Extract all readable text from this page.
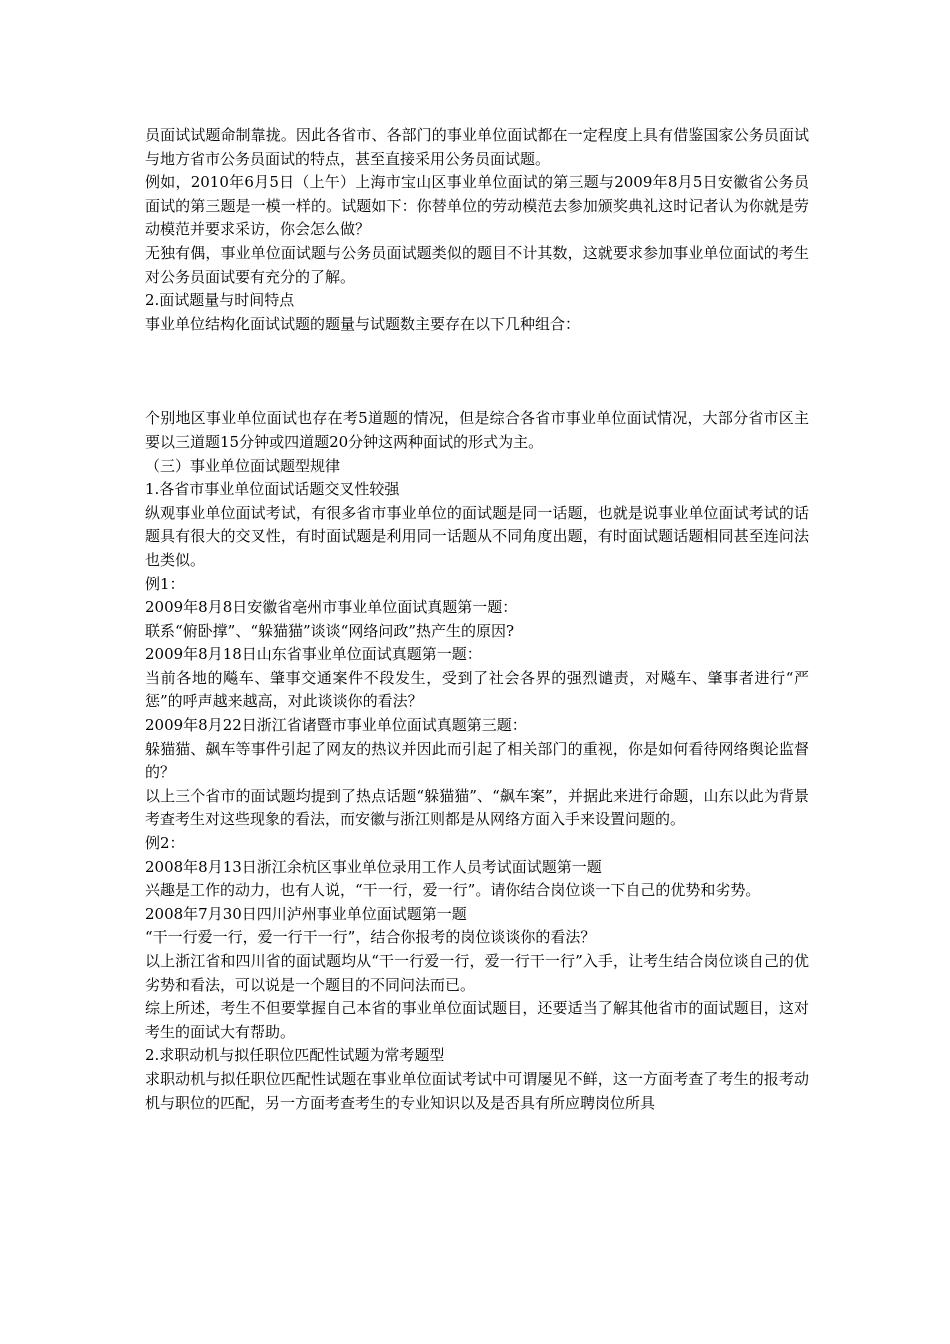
员面试试题命制靠拢。因此各省市、各部门的事业单位面试都在一定程度上具有借鉴国家公务员面试与地方省市公务员面试的特点，甚至直接采用公务员面试题。

例如，2010年6月5日（上午）上海市宝山区事业单位面试的第三题与2009年8月5日安徽省公务员面试的第三题是一模一样的。试题如下：你替单位的劳动模范去参加颁奖典礼这时记者认为你就是劳动模范并要求采访，你会怎么做？

无独有偶，事业单位面试题与公务员面试题类似的题目不计其数，这就要求参加事业单位面试的考生对公务员面试要有充分的了解。

2.面试题量与时间特点

事业单位结构化面试试题的题量与试题数主要存在以下几种组合：

个别地区事业单位面试也存在考5道题的情况，但是综合各省市事业单位面试情况，大部分省市区主要以三道题15分钟或四道题20分钟这两种面试的形式为主。

（三）事业单位面试题型规律

1.各省市事业单位面试话题交叉性较强

纵观事业单位面试考试，有很多省市事业单位的面试题是同一话题，也就是说事业单位面试考试的话题具有很大的交叉性，有时面试题是利用同一话题从不同角度出题，有时面试题话题相同甚至连问法也类似。

例1：

2009年8月8日安徽省亳州市事业单位面试真题第一题：

联系“俯卧撑”、“躲猫猫”谈谈“网络问政”热产生的原因?

2009年8月18日山东省事业单位面试真题第一题：

当前各地的飚车、肇事交通案件不段发生，受到了社会各界的强烈谴责，对飚车、肇事者进行“严惩”的呼声越来越高，对此谈谈你的看法？

2009年8月22日浙江省诸暨市事业单位面试真题第三题：

躲猫猫、飙车等事件引起了网友的热议并因此而引起了相关部门的重视，你是如何看待网络舆论监督的？

以上三个省市的面试题均提到了热点话题“躲猫猫”、“飙车案”，并据此来进行命题，山东以此为背景考查考生对这些现象的看法，而安徽与浙江则都是从网络方面入手来设置问题的。

例2：

2008年8月13日浙江余杭区事业单位录用工作人员考试面试题第一题

兴趣是工作的动力，也有人说，“干一行，爱一行”。请你结合岗位谈一下自己的优势和劣势。

2008年7月30日四川泸州事业单位面试题第一题

“干一行爱一行，爱一行干一行”，结合你报考的岗位谈谈你的看法？

以上浙江省和四川省的面试题均从“干一行爱一行，爱一行干一行”入手，让考生结合岗位谈自己的优劣势和看法，可以说是一个题目的不同问法而已。

综上所述，考生不但要掌握自己本省的事业单位面试题目，还要适当了解其他省市的面试题目，这对考生的面试大有帮助。

2.求职动机与拟任职位匹配性试题为常考题型

求职动机与拟任职位匹配性试题在事业单位面试考试中可谓屡见不鲜，这一方面考查了考生的报考动机与职位的匹配，另一方面考查考生的专业知识以及是否具有所应聘岗位所具
